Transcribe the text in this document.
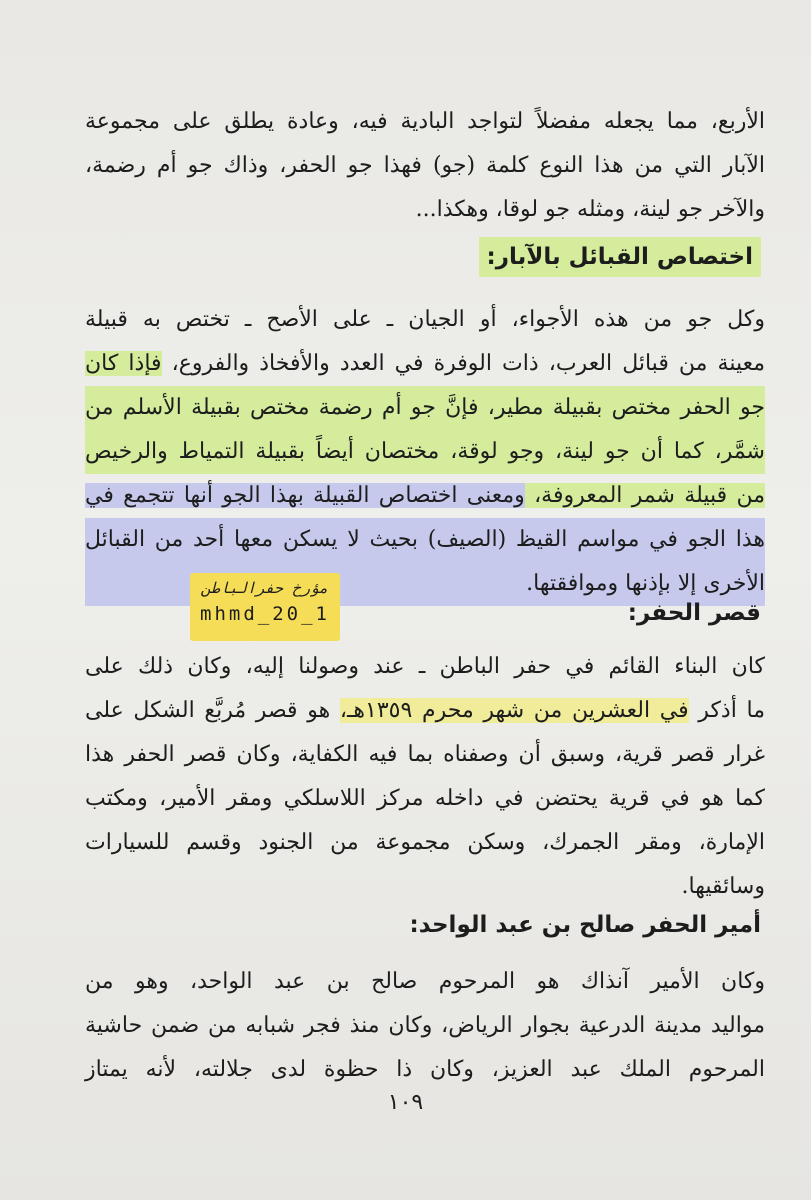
الأربع، مما يجعله مفضلاً لتواجد البادية فيه، وعادة يطلق على مجموعة
الآبار التي من هذا النوع كلمة (جو) فهذا جو الحفر، وذاك جو أم رضمة،
والآخر جو لينة، ومثله جو لوقا، وهكذا...
اختصاص القبائل بالآبار:
وكل جو من هذه الأجواء، أو الجيان ـ على الأصح ـ تختص به قبيلة
معينة من قبائل العرب، ذات الوفرة في العدد والأفخاذ والفروع، فإذا كان
جو الحفر مختص بقبيلة مطير، فإنَّ جو أم رضمة مختص بقبيلة الأسلم من
شمَّر، كما أن جو لينة، وجو لوقة، مختصان أيضاً بقبيلة التمياط والرخيص
من قبيلة شمر المعروفة، ومعنى اختصاص القبيلة بهذا الجو أنها تتجمع في
هذا الجو في مواسم القيظ (الصيف) بحيث لا يسكن معها أحد من القبائل
الأخرى إلا بإذنها وموافقتها.
مؤرخ حفرالباطن
mhmd_20_1	قصر الحفر:
كان البناء القائم في حفر الباطن ـ عند وصولنا إليه، وكان ذلك على
ما أذكر في العشرين من شهر محرم ١٣٥٩هـ، هو قصر مُربَّع الشكل على
غرار قصر قرية، وسبق أن وصفناه بما فيه الكفاية، وكان قصر الحفر هذا
كما هو في قرية يحتضن في داخله مركز اللاسلكي ومقر الأمير، ومكتب
الإمارة، ومقر الجمرك، وسكن مجموعة من الجنود وقسم للسيارات
وسائقيها.
أمير الحفر صالح بن عبد الواحد:
وكان الأمير آنذاك هو المرحوم صالح بن عبد الواحد، وهو من
مواليد مدينة الدرعية بجوار الرياض، وكان منذ فجر شبابه من ضمن حاشية
المرحوم الملك عبد العزيز، وكان ذا حظوة لدى جلالته، لأنه يمتاز
١٠٩
